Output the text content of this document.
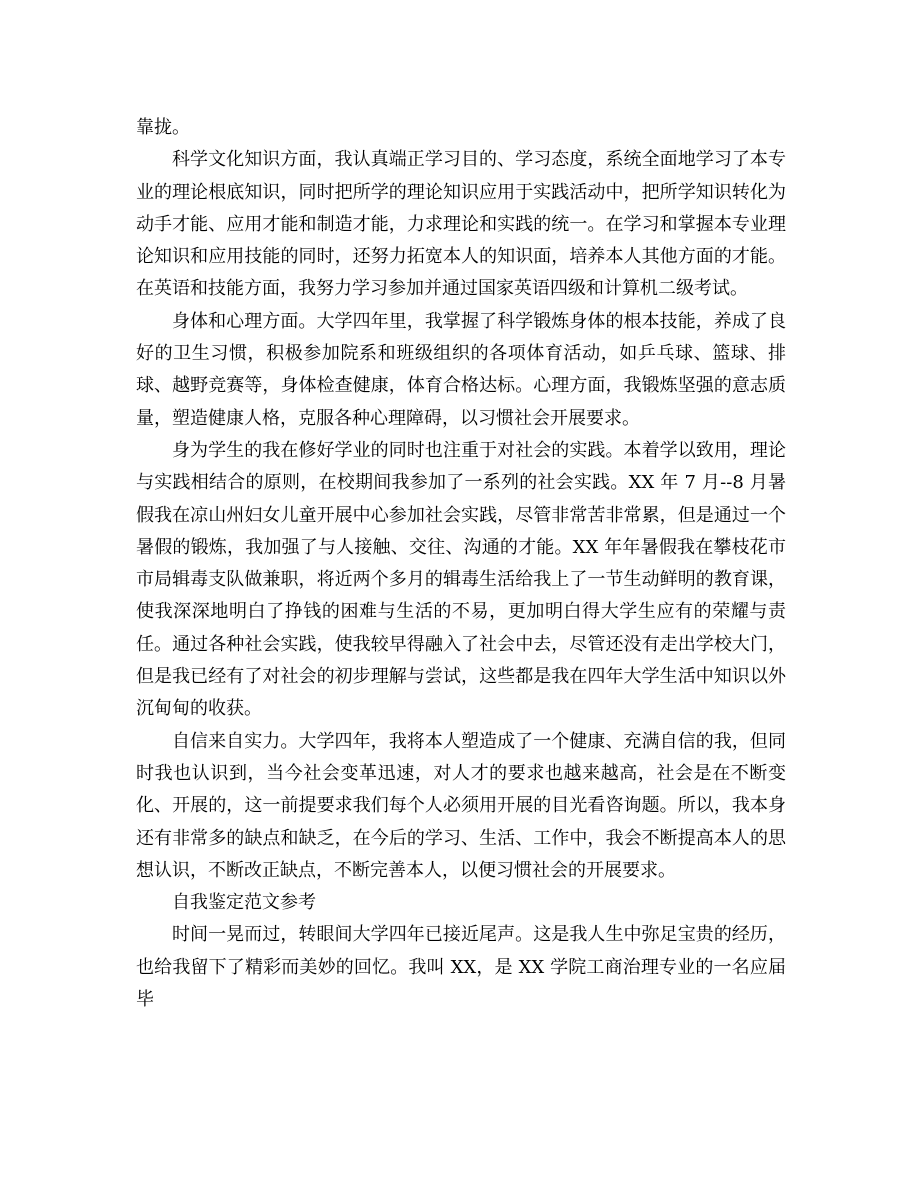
靠拢。

科学文化知识方面，我认真端正学习目的、学习态度，系统全面地学习了本专业的理论根底知识，同时把所学的理论知识应用于实践活动中，把所学知识转化为动手才能、应用才能和制造才能，力求理论和实践的统一。在学习和掌握本专业理论知识和应用技能的同时，还努力拓宽本人的知识面，培养本人其他方面的才能。在英语和技能方面，我努力学习参加并通过国家英语四级和计算机二级考试。

身体和心理方面。大学四年里，我掌握了科学锻炼身体的根本技能，养成了良好的卫生习惯，积极参加院系和班级组织的各项体育活动，如乒乓球、篮球、排球、越野竞赛等，身体检查健康，体育合格达标。心理方面，我锻炼坚强的意志质量，塑造健康人格，克服各种心理障碍，以习惯社会开展要求。

身为学生的我在修好学业的同时也注重于对社会的实践。本着学以致用，理论与实践相结合的原则，在校期间我参加了一系列的社会实践。XX 年 7 月--8 月暑假我在凉山州妇女儿童开展中心参加社会实践，尽管非常苦非常累，但是通过一个暑假的锻炼，我加强了与人接触、交往、沟通的才能。XX 年年暑假我在攀枝花市市局辑毒支队做兼职，将近两个多月的辑毒生活给我上了一节生动鲜明的教育课，使我深深地明白了挣钱的困难与生活的不易，更加明白得大学生应有的荣耀与责任。通过各种社会实践，使我较早得融入了社会中去，尽管还没有走出学校大门，但是我已经有了对社会的初步理解与尝试，这些都是我在四年大学生活中知识以外沉甸甸的收获。

自信来自实力。大学四年，我将本人塑造成了一个健康、充满自信的我，但同时我也认识到，当今社会变革迅速，对人才的要求也越来越高，社会是在不断变化、开展的，这一前提要求我们每个人必须用开展的目光看咨询题。所以，我本身还有非常多的缺点和缺乏，在今后的学习、生活、工作中，我会不断提高本人的思想认识，不断改正缺点，不断完善本人，以便习惯社会的开展要求。

自我鉴定范文参考

时间一晃而过，转眼间大学四年已接近尾声。这是我人生中弥足宝贵的经历，也给我留下了精彩而美妙的回忆。我叫 XX，是 XX 学院工商治理专业的一名应届毕
